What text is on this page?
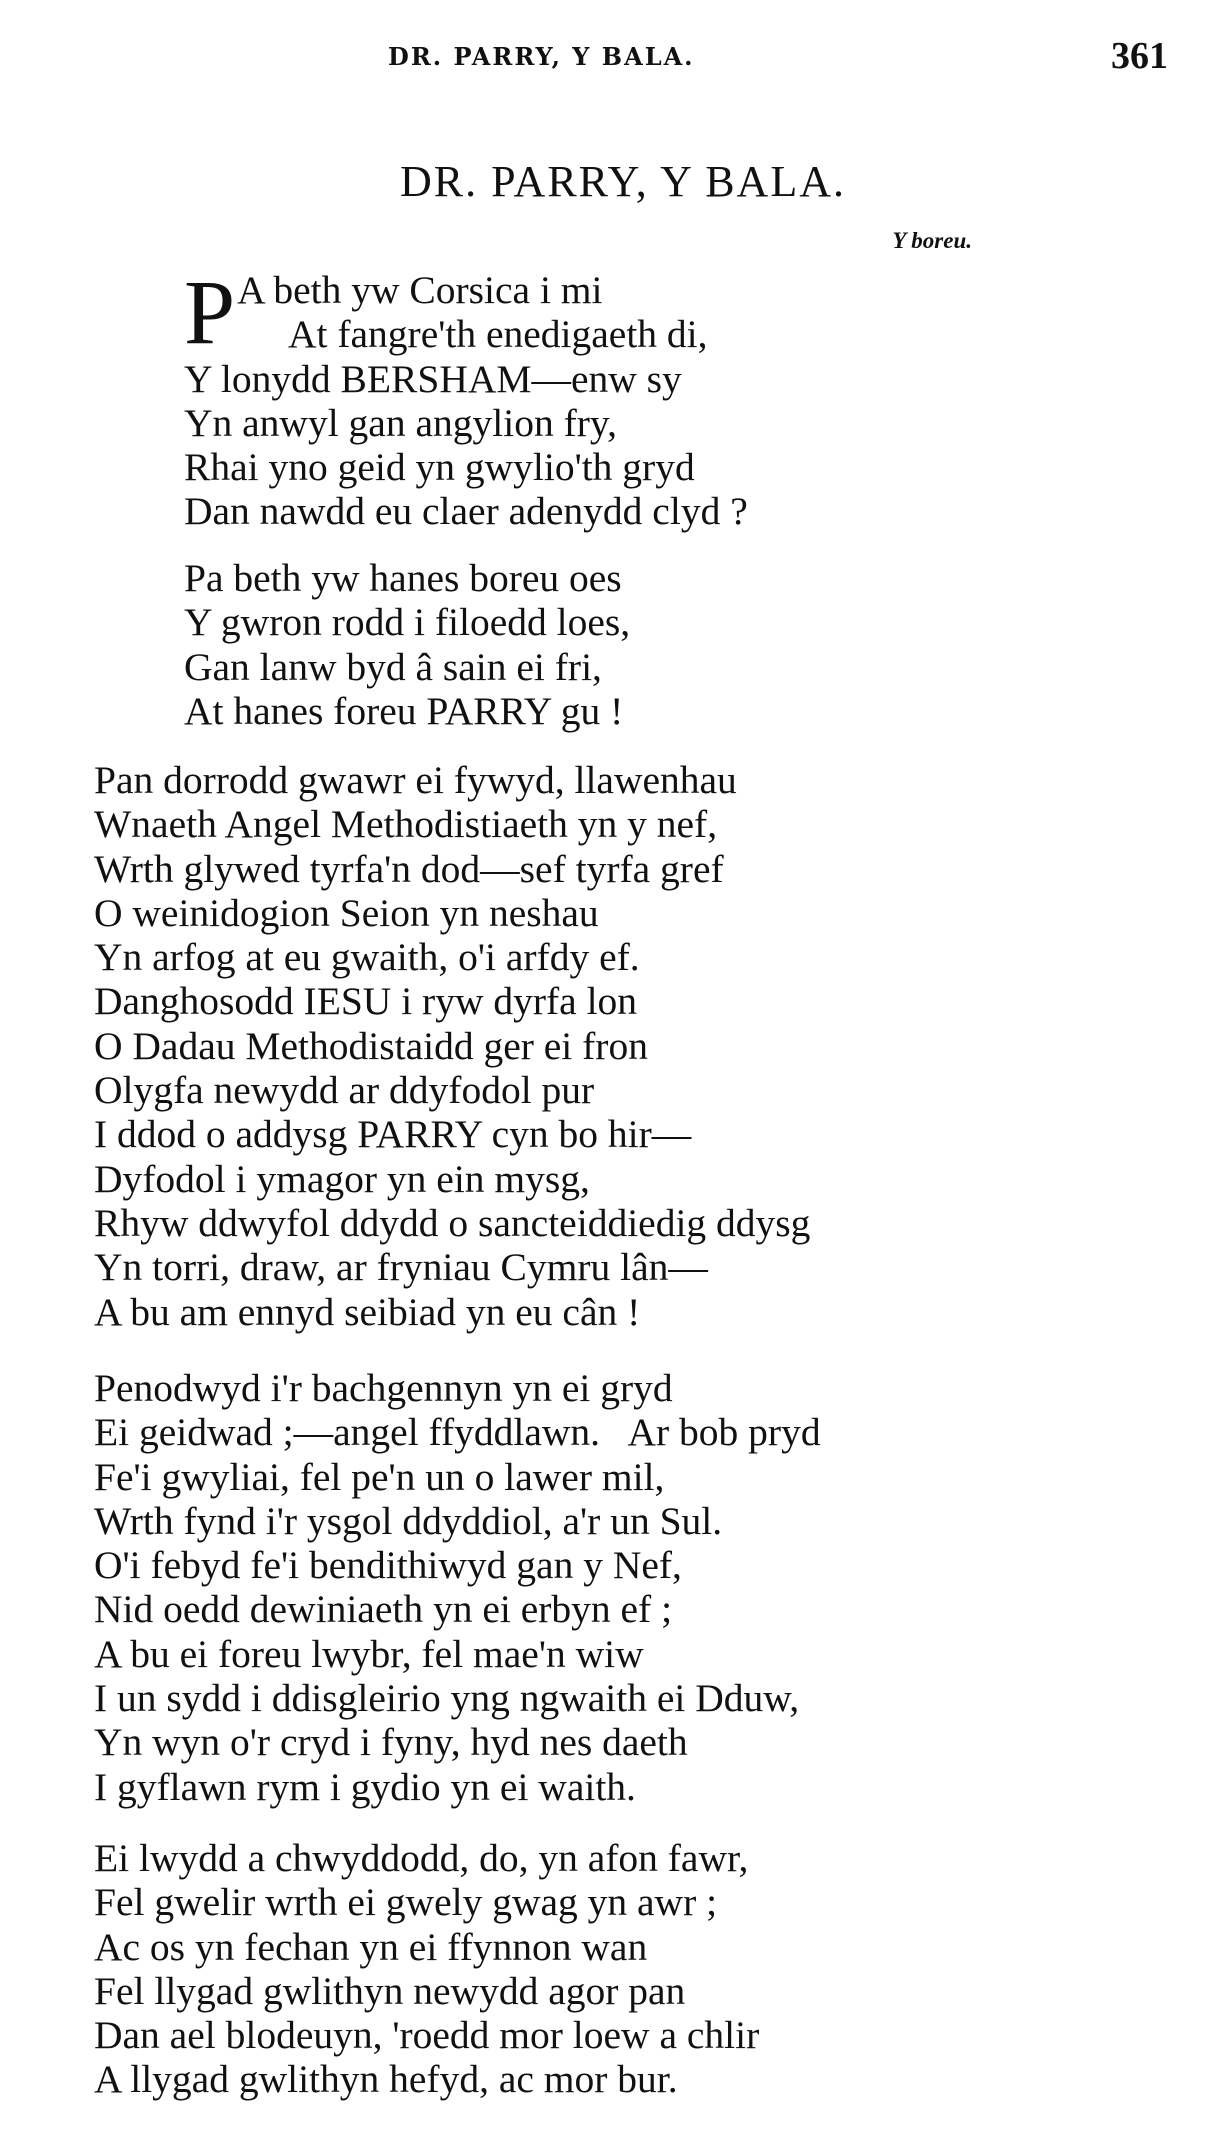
DR. PARRY, Y BALA.	361
DR. PARRY, Y BALA.
Y boreu.
P A beth yw Corsica i mi
At fangre'th enedigaeth di,
Y lonydd BERSHAM—enw sy
Yn anwyl gan angylion fry,
Rhai yno geid yn gwylio'th gryd
Dan nawdd eu claer adenydd clyd ?
Pa beth yw hanes boreu oes
Y gwron rodd i filoedd loes,
Gan lanw byd â sain ei fri,
At hanes foreu PARRY gu !
Pan dorrodd gwawr ei fywyd, llawenhau
Wnaeth Angel Methodistiaeth yn y nef,
Wrth glywed tyrfa'n dod—sef tyrfa gref
O weinidogion Seion yn neshau
Yn arfog at eu gwaith, o'i arfdy ef.
Danghosodd IESU i ryw dyrfa lon
O Dadau Methodistaidd ger ei fron
Olygfa newydd ar ddyfodol pur
I ddod o addysg PARRY cyn bo hir—
Dyfodol i ymagor yn ein mysg,
Rhyw ddwyfol ddydd o sancteiddiedig ddysg
Yn torri, draw, ar fryniau Cymru lân—
A bu am ennyd seibiad yn eu cân !
Penodwyd i'r bachgennyn yn ei gryd
Ei geidwad ;—angel ffyddlawn.   Ar bob pryd
Fe'i gwyliai, fel pe'n un o lawer mil,
Wrth fynd i'r ysgol ddyddiol, a'r un Sul.
O'i febyd fe'i bendithiwyd gan y Nef,
Nid oedd dewiniaeth yn ei erbyn ef ;
A bu ei foreu lwybr, fel mae'n wiw
I un sydd i ddisgleirio yng ngwaith ei Dduw,
Yn wyn o'r cryd i fyny, hyd nes daeth
I gyflawn rym i gydio yn ei waith.
Ei lwydd a chwyddodd, do, yn afon fawr,
Fel gwelir wrth ei gwely gwag yn awr ;
Ac os yn fechan yn ei ffynnon wan
Fel llygad gwlithyn newydd agor pan
Dan ael blodeuyn, 'roedd mor loew a chlir
A llygad gwlithyn hefyd, ac mor bur.
